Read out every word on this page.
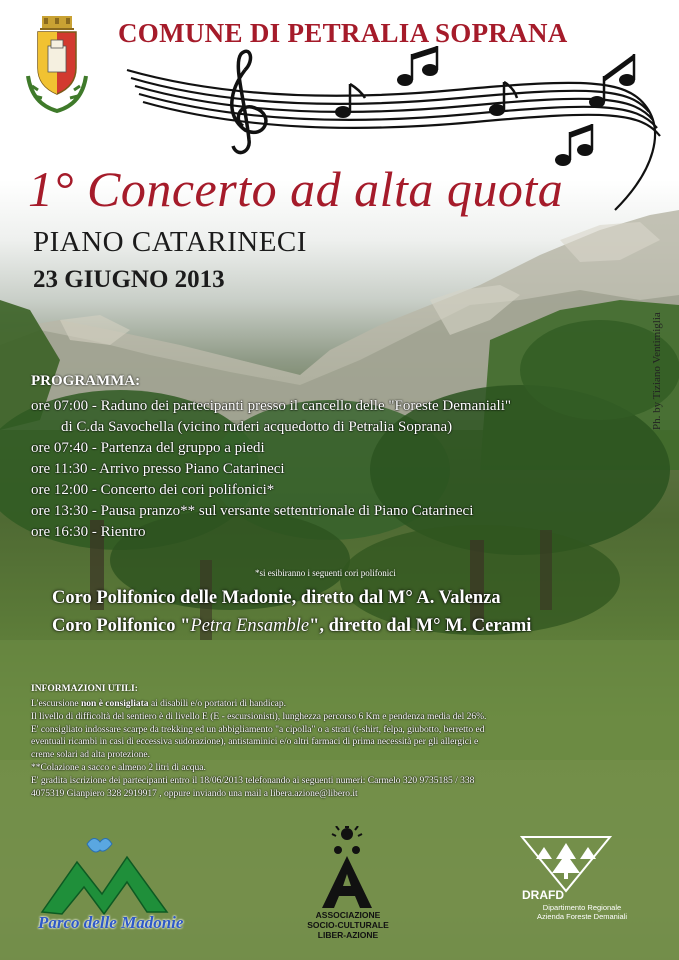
COMUNE DI PETRALIA SOPRANA
1° Concerto ad alta quota
PIANO CATARINECI
23 GIUGNO 2013
Ph. by Tiziano Ventimiglia
PROGRAMMA:
ore 07:00 - Raduno dei partecipanti presso il cancello delle "Foreste Demaniali"
di C.da Savochella (vicino ruderi acquedotto di Petralia Soprana)
ore 07:40 - Partenza del gruppo a piedi
ore 11:30 - Arrivo presso Piano Catarineci
ore 12:00 - Concerto dei cori polifonici*
ore 13:30 - Pausa pranzo** sul versante settentrionale di Piano Catarineci
ore 16:30 - Rientro
*si esibiranno i seguenti cori polifonici
Coro Polifonico delle Madonie, diretto dal M° A. Valenza
Coro Polifonico "Petra Ensamble", diretto dal M° M. Cerami
INFORMAZIONI UTILI:
L'escursione non è consigliata ai disabili e/o portatori di handicap.
Il livello di difficoltà del sentiero è di livello E (E - escursionisti), lunghezza percorso 6 Km e pendenza media del 26%.
E' consigliato indossare scarpe da trekking ed un abbigliamento "a cipolla" o a strati (t-shirt, felpa, giubotto, berretto ed
eventuali ricambi in casi di eccessiva sudorazione), antistaminici e/o altri farmaci di prima necessità per gli allergici e
creme solari ad alta protezione.
**Colazione a sacco e almeno 2 litri di acqua.
E' gradita iscrizione dei partecipanti entro il 18/06/2013 telefonando ai seguenti numeri: Carmelo 320 9735185 / 338
4075319 Gianpiero 328 2919917 , oppure inviando una mail a libera.azione@libero.it
Parco delle Madonie	ASSOCIAZIONE
SOCIO-CULTURALE
LIBER-AZIONE
DRAFD
Dipartimento Regionale
Azienda Foreste Demaniali
